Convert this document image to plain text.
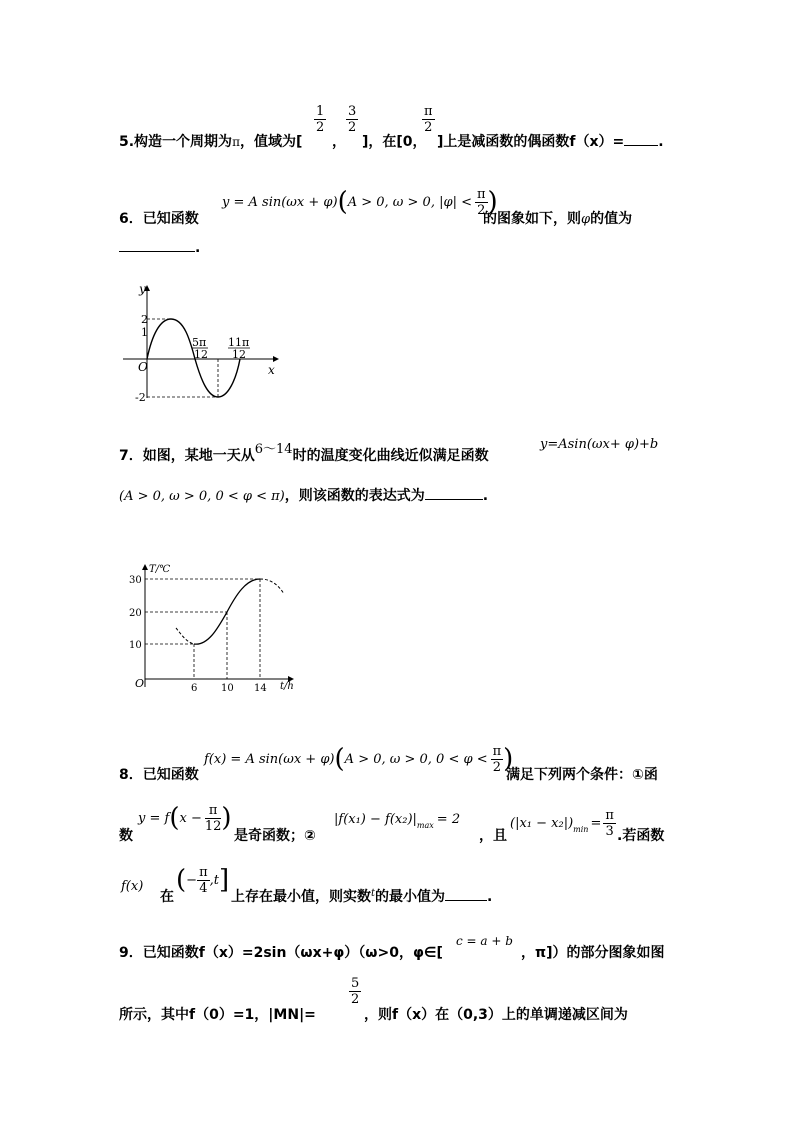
5.构造一个周期为π，值域为[
$\frac{1}{2}$
，
$\frac{3}{2}$
]，在[0，
$\frac{\pi}{2}$
]上是减函数的偶函数f（x）= .
6．已知函数
y = A sin(ωx + φ) ( A > 0, ω > 0, $|\varphi| < \frac{\pi}{2}$ )
的图象如下，则φ的值为
.
y
x
O
2
1
-2
5π
12
11π
12
7．如图，某地一天从6～14时的温度变化曲线近似满足函数
y=Asin(ωx+ φ)+b
(A > 0, ω > 0, 0 < φ < π)，则该函数的表达式为	.
T/℃
t/h
O
30
20
10
6 10 14
f(x) = A sin(ωx + φ) ( A > 0, ω > 0, $0 < \varphi < \frac{\pi}{2}$ )
8．已知函数	满足下列两个条件：①函
数
y = f ( $x - \frac{\pi}{12}$ )
是奇函数；②
|f(x₁) − f(x₂)| max = 2
，且
(|x₁ − x₂|) $\min = \frac{\pi}{3}$ .若函数
f(x)
在
( − $\frac{\pi}{4}$ , t ]
上存在最小值，则实数$^t$的最小值为	.
9．已知函数f（x）=2sin（ωx+φ）（ω>0，φ∈[
c = a + b
，π]）的部分图象如图
所示，其中f（0）=1，|MN|=
$\frac{5}{2}$
，则f（x）在（0,3）上的单调递减区间为
